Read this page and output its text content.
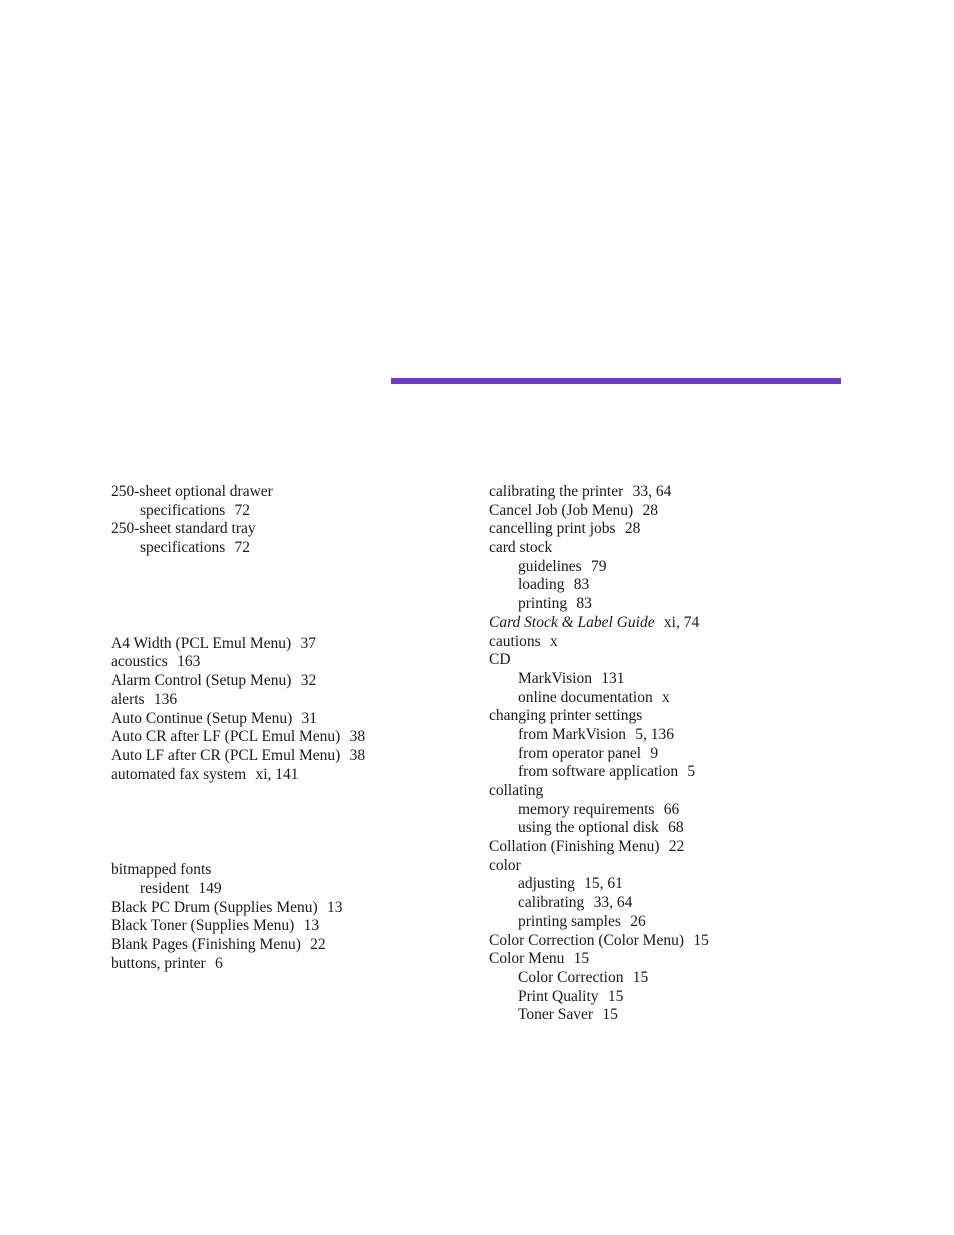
250-sheet optional drawer
specifications 72
250-sheet standard tray
specifications 72
A4 Width (PCL Emul Menu) 37
acoustics 163
Alarm Control (Setup Menu) 32
alerts 136
Auto Continue (Setup Menu) 31
Auto CR after LF (PCL Emul Menu) 38
Auto LF after CR (PCL Emul Menu) 38
automated fax system xi, 141
bitmapped fonts
resident 149
Black PC Drum (Supplies Menu) 13
Black Toner (Supplies Menu) 13
Blank Pages (Finishing Menu) 22
buttons, printer 6
calibrating the printer 33, 64
Cancel Job (Job Menu) 28
cancelling print jobs 28
card stock
guidelines 79
loading 83
printing 83
Card Stock & Label Guide xi, 74
cautions x
CD
MarkVision 131
online documentation x
changing printer settings
from MarkVision 5, 136
from operator panel 9
from software application 5
collating
memory requirements 66
using the optional disk 68
Collation (Finishing Menu) 22
color
adjusting 15, 61
calibrating 33, 64
printing samples 26
Color Correction (Color Menu) 15
Color Menu 15
Color Correction 15
Print Quality 15
Toner Saver 15
